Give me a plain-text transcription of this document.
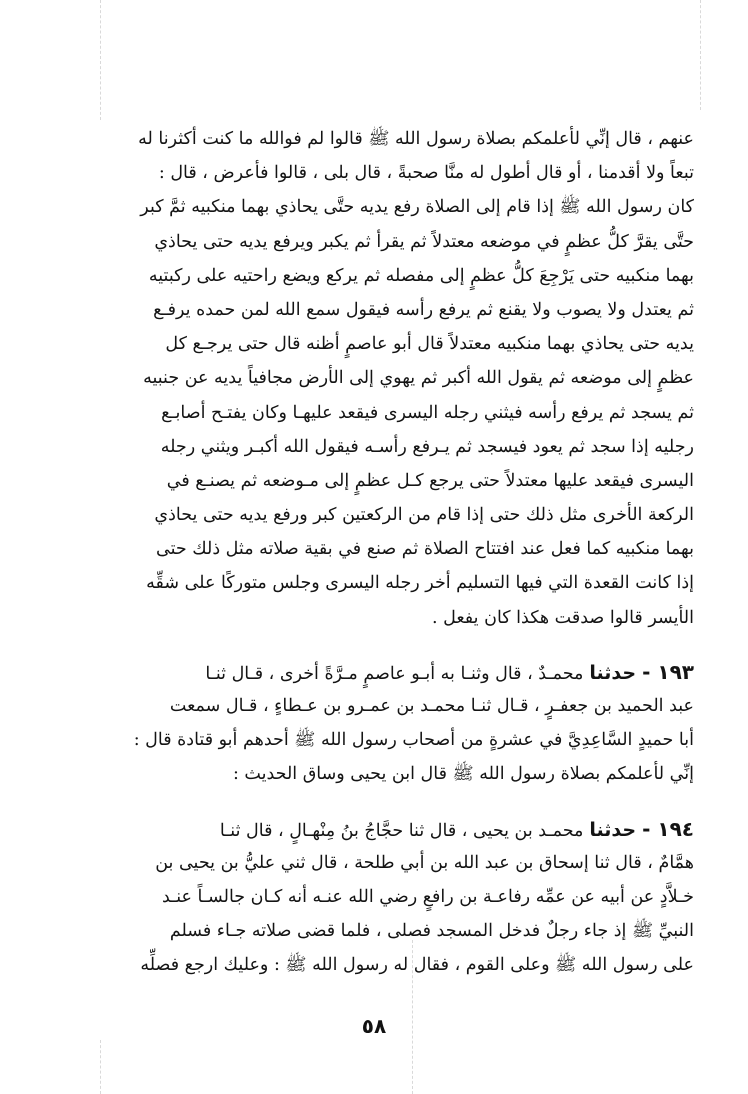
عنهم ، قال إنِّي لأعلمكم بصلاة رسول الله ﷺ قالوا لم فوالله ما كنت أكثرنا له
تبعاً ولا أقدمنا ، أو قال أطول له منَّا صحبةً ، قال بلى ، قالوا فأعرض ، قال :
كان رسول الله ﷺ إذا قام إلى الصلاة رفع يديه حتَّى يحاذي بهما منكبيه ثمَّ كبر
حتَّى يقرَّ كلُّ عظمٍ في موضعه معتدلاً ثم يقرأ ثم يكبر ويرفع يديه حتى يحاذي
بهما منكبيه حتى يَرْجِعَ كلُّ عظمٍ إلى مفصله ثم يركع ويضع راحتيه على ركبتيه
ثم يعتدل ولا يصوب ولا يقنع ثم يرفع رأسه فيقول سمع الله لمن حمده يرفـع
يديه حتى يحاذي بهما منكبيه معتدلاً قال أبو عاصمٍ أظنه قال حتى يرجـع كل
عظمٍ إلى موضعه ثم يقول الله أكبر ثم يهوي إلى الأرض مجافياً يديه عن جنبيه
ثم يسجد ثم يرفع رأسه فيثني رجله اليسرى فيقعد عليهـا وكان يفتـح أصابـع
رجليه إذا سجد ثم يعود فيسجد ثم يـرفع رأسـه فيقول الله أكبـر ويثني رجله
اليسرى فيقعد عليها معتدلاً حتى يرجع كـل عظمٍ إلى مـوضعه ثم يصنـع في
الركعة الأخرى مثل ذلك حتى إذا قام من الركعتين كبر ورفع يديه حتى يحاذي
بهما منكبيه كما فعل عند افتتاح الصلاة ثم صنع في بقية صلاته مثل ذلك حتى
إذا كانت القعدة التي فيها التسليم أخر رجله اليسرى وجلس متوركًا على شقِّه
الأيسر قالوا صدقت هكذا كان يفعل .
١٩٣ -حدثنامحمـدٌ ، قال وثنـا به أبـو عاصمٍ مـرَّةً أخرى ، قـال ثنـا
عبد الحميد بن جعفـرٍ ، قـال ثنـا محمـد بن عمـرو بن عـطاءٍ ، قـال سمعت
أبا حميدٍ السَّاعِدِيَّ في عشرةٍ من أصحاب رسول الله ﷺ أحدهم أبو قتادة قال :
إنِّي لأعلمكم بصلاة رسول الله ﷺ قال ابن يحيى وساق الحديث :
١٩٤ -حدثنامحمـد بن يحيى ، قال ثنا حجَّاجُ بنُ مِنْهـالٍ ، قال ثنـا
همَّامٌ ، قال ثنا إسحاق بن عبد الله بن أبي طلحة ، قال ثني عليُّ بن يحيى بن
خـلاَّدٍ عن أبيه عن عمِّه رفاعـة بن رافعٍ رضي الله عنـه أنه كـان جالسـاً عنـد
النبيِّ ﷺ إذ جاء رجلٌ فدخل المسجد فصلى ، فلما قضى صلاته جـاء فسلم
على رسول الله ﷺ وعلى القوم ، فقال له رسول الله ﷺ : وعليك ارجع فصلِّه
٥٨
